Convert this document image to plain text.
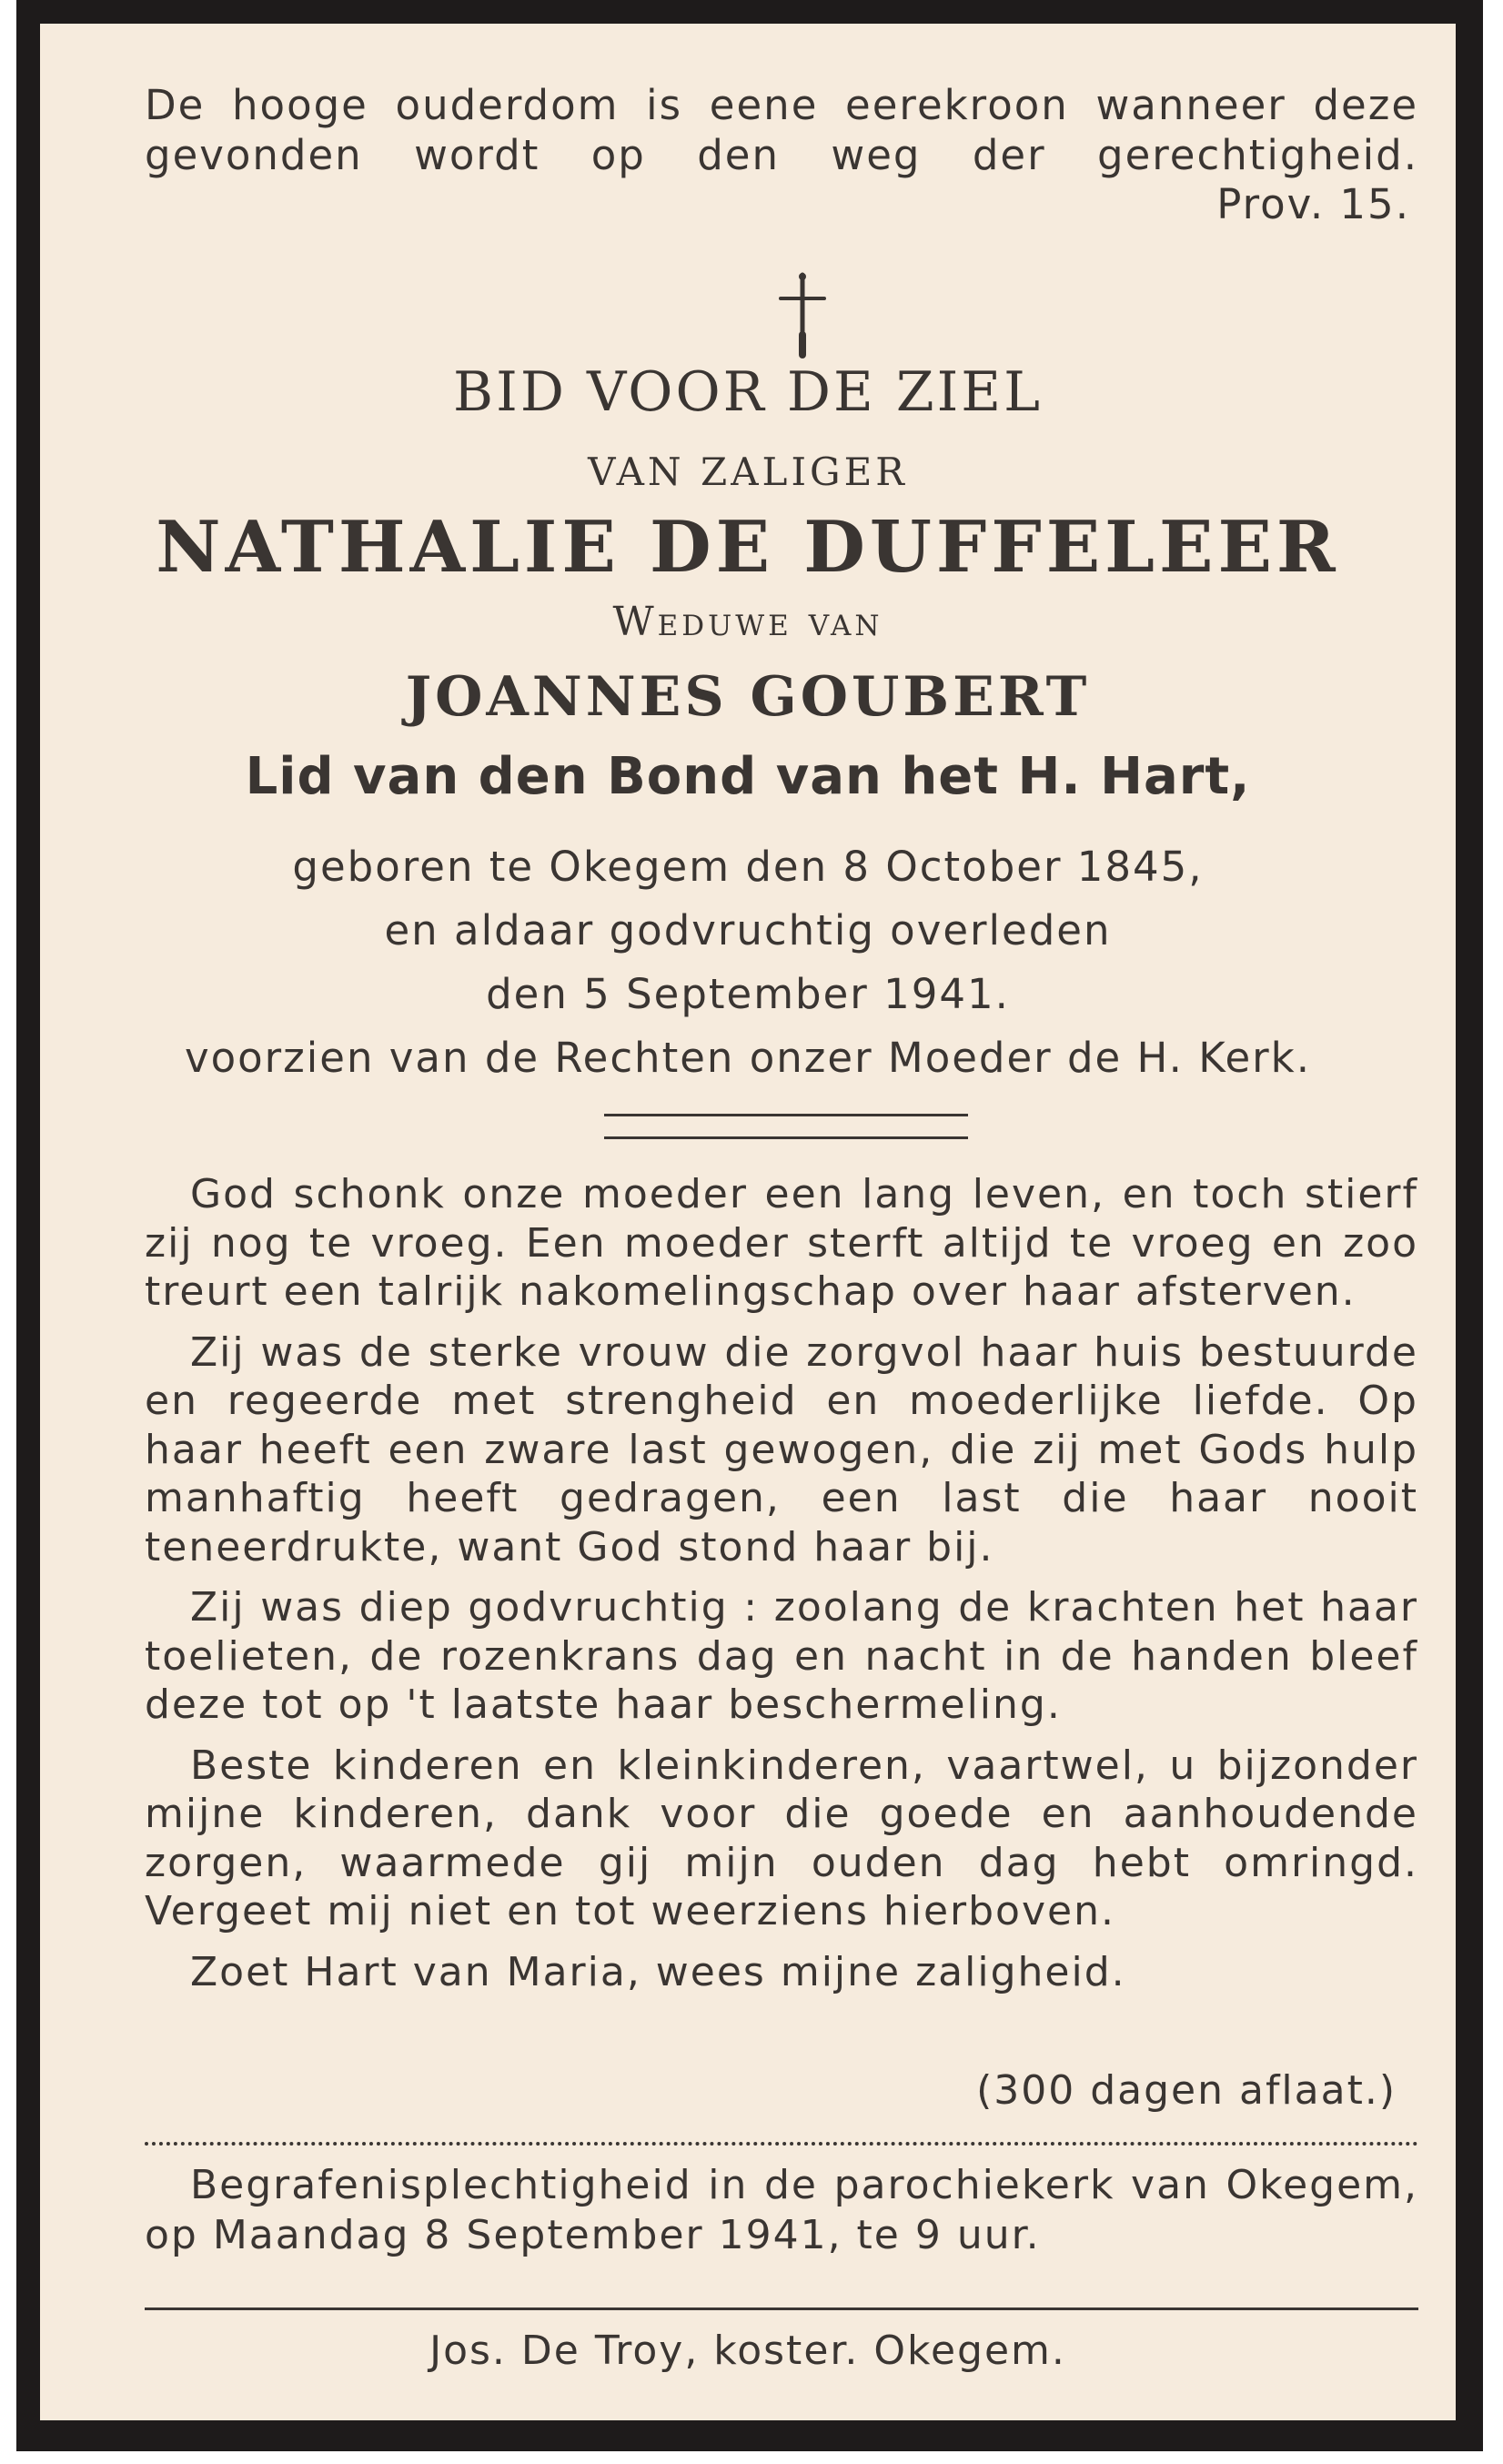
De hooge ouderdom is eene eerekroon wanneer deze gevonden wordt op den weg der gerechtigheid.
Prov. 15.
BID VOOR DE ZIEL
VAN ZALIGER
NATHALIE DE DUFFELEER
Weduwe van
JOANNES GOUBERT
Lid van den Bond van het H. Hart,
geboren te Okegem den 8 October 1845,
en aldaar godvruchtig overleden
den 5 September 1941.
voorzien van de Rechten onzer Moeder de H. Kerk.

God schonk onze moeder een lang leven, en toch stierf zij nog te vroeg. Een moeder sterft altijd te vroeg en zoo treurt een talrijk nakomelingschap over haar afsterven.

Zij was de sterke vrouw die zorgvol haar huis bestuurde en regeerde met strengheid en moederlijke liefde. Op haar heeft een zware last gewogen, die zij met Gods hulp manhaftig heeft gedragen, een last die haar nooit teneerdrukte, want God stond haar bij.

Zij was diep godvruchtig : zoolang de krachten het haar toelieten, de rozenkrans dag en nacht in de handen bleef deze tot op 't laatste haar beschermeling.

Beste kinderen en kleinkinderen, vaartwel, u bijzonder mijne kinderen, dank voor die goede en aanhoudende zorgen, waarmede gij mijn ouden dag hebt omringd. Vergeet mij niet en tot weerziens hierboven.

Zoet Hart van Maria, wees mijne zaligheid.

(300 dagen aflaat.)

Begrafenisplechtigheid in de parochiekerk van Okegem, op Maandag 8 September 1941, te 9 uur.

Jos. De Troy, koster. Okegem.
